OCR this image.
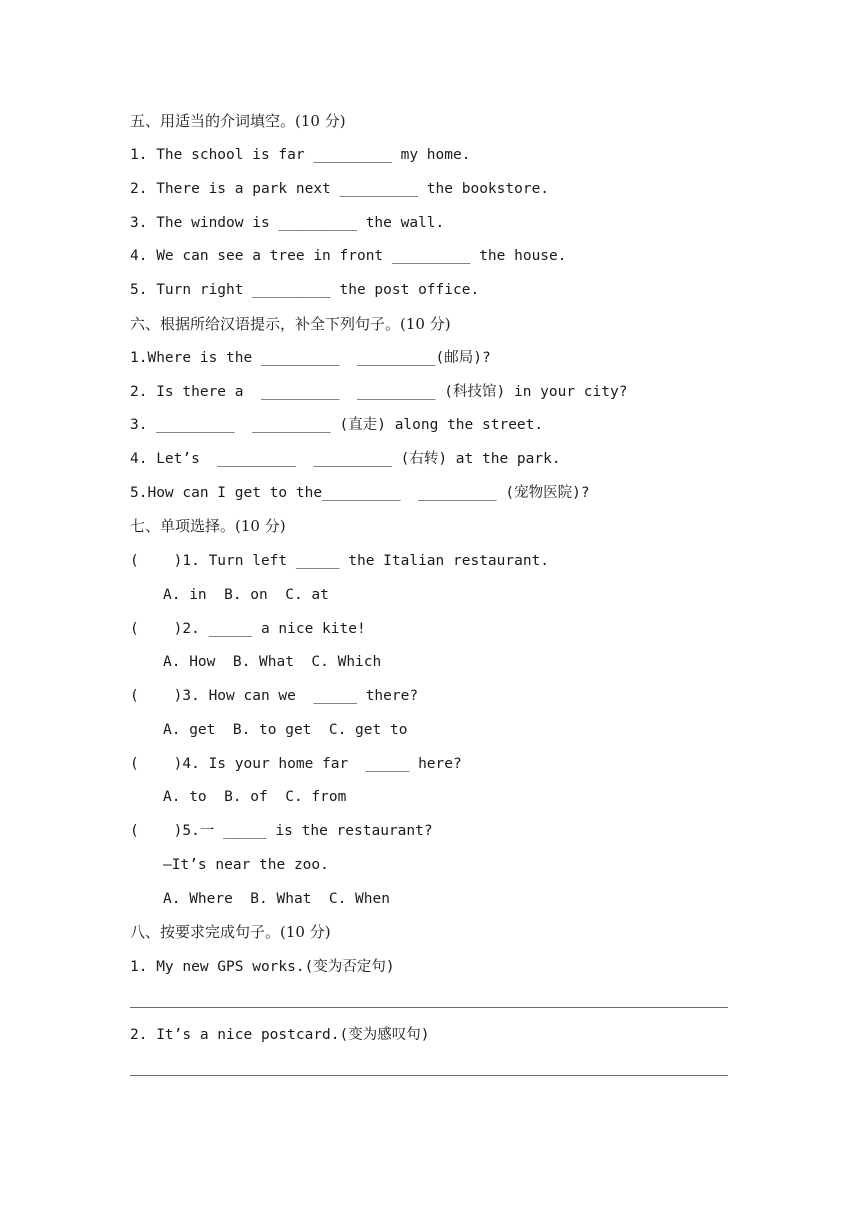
五、用适当的介词填空。(10 分)
1. The school is far _________ my home.
2. There is a park next _________ the bookstore.
3. The window is _________ the wall.
4. We can see a tree in front _________ the house.
5. Turn right _________ the post office.
六、根据所给汉语提示，补全下列句子。(10 分)
1.Where is the _________  _________(邮局)?
2. Is there a  _________  _________ (科技馆) in your city?
3. _________  _________ (直走) along the street.
4. Let’s  _________  _________ (右转) at the park.
5.How can I get to the_________  _________ (宠物医院)?
七、单项选择。(10 分)
(    )1. Turn left _____ the Italian restaurant.
A. in  B. on  C. at
(    )2. _____ a nice kite!
A. How  B. What  C. Which
(    )3. How can we  _____ there?
A. get  B. to get  C. get to
(    )4. Is your home far  _____ here?
A. to  B. of  C. from
(    )5.一 _____ is the restaurant?
—It’s near the zoo.
A. Where  B. What  C. When
八、按要求完成句子。(10 分)
1. My new GPS works.(变为否定句)
2. It’s a nice postcard.(变为感叹句)
